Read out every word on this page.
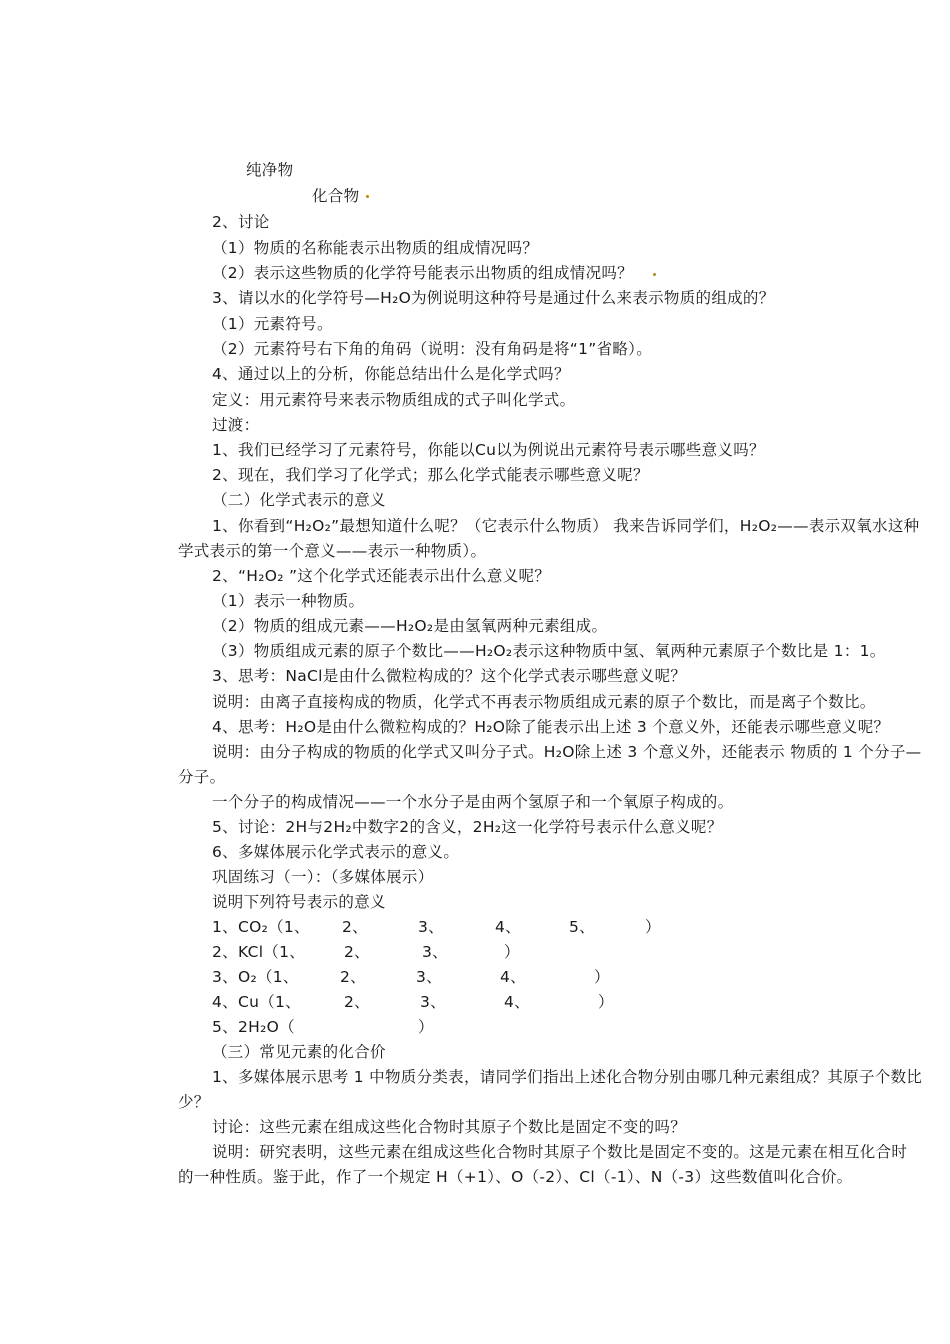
纯净物
化合物
2、讨论
（1）物质的名称能表示出物质的组成情况吗？
（2）表示这些物质的化学符号能表示出物质的组成情况吗？
3、请以水的化学符号—H₂O为例说明这种符号是通过什么来表示物质的组成的？
（1）元素符号。
（2）元素符号右下角的角码（说明：没有角码是将“1”省略）。
4、通过以上的分析，你能总结出什么是化学式吗？
定义：用元素符号来表示物质组成的式子叫化学式。
过渡：
1、我们已经学习了元素符号，你能以Cu以为例说出元素符号表示哪些意义吗？
2、现在，我们学习了化学式；那么化学式能表示哪些意义呢？
（二）化学式表示的意义
1、你看到“H₂O₂”最想知道什么呢？（它表示什么物质） 我来告诉同学们，H₂O₂——表示双氧水这种
学式表示的第一个意义——表示一种物质）。
2、“H₂O₂ ”这个化学式还能表示出什么意义呢？
（1）表示一种物质。
（2）物质的组成元素——H₂O₂是由氢氧两种元素组成。
（3）物质组成元素的原子个数比——H₂O₂表示这种物质中氢、氧两种元素原子个数比是 1：1。
3、思考：NaCl是由什么微粒构成的？这个化学式表示哪些意义呢？
说明：由离子直接构成的物质，化学式不再表示物质组成元素的原子个数比，而是离子个数比。
4、思考：H₂O是由什么微粒构成的？H₂O除了能表示出上述 3 个意义外，还能表示哪些意义呢？
说明：由分子构成的物质的化学式又叫分子式。H₂O除上述 3 个意义外，还能表示 物质的 1 个分子—
分子。
一个分子的构成情况——一个水分子是由两个氢原子和一个氧原子构成的。
5、讨论：2H与2H₂中数字2的含义，2H₂这一化学符号表示什么意义呢？
6、多媒体展示化学式表示的意义。
巩固练习（一）：（多媒体展示）
说明下列符号表示的意义
1、CO₂（1、 2、	3、	4、	5、	）
2、KCl（1、	2、	3、	）
3、O₂（1、	2、	3、	4、	）
4、Cu（1、	2、	3、	4、	）
5、2H₂O（	）
（三）常见元素的化合价
1、多媒体展示思考 1 中物质分类表，请同学们指出上述化合物分别由哪几种元素组成？其原子个数比
少？
讨论：这些元素在组成这些化合物时其原子个数比是固定不变的吗？
说明：研究表明，这些元素在组成这些化合物时其原子个数比是固定不变的。这是元素在相互化合时
的一种性质。鉴于此，作了一个规定 H（+1）、O（-2）、Cl（-1）、N（-3）这些数值叫化合价。
